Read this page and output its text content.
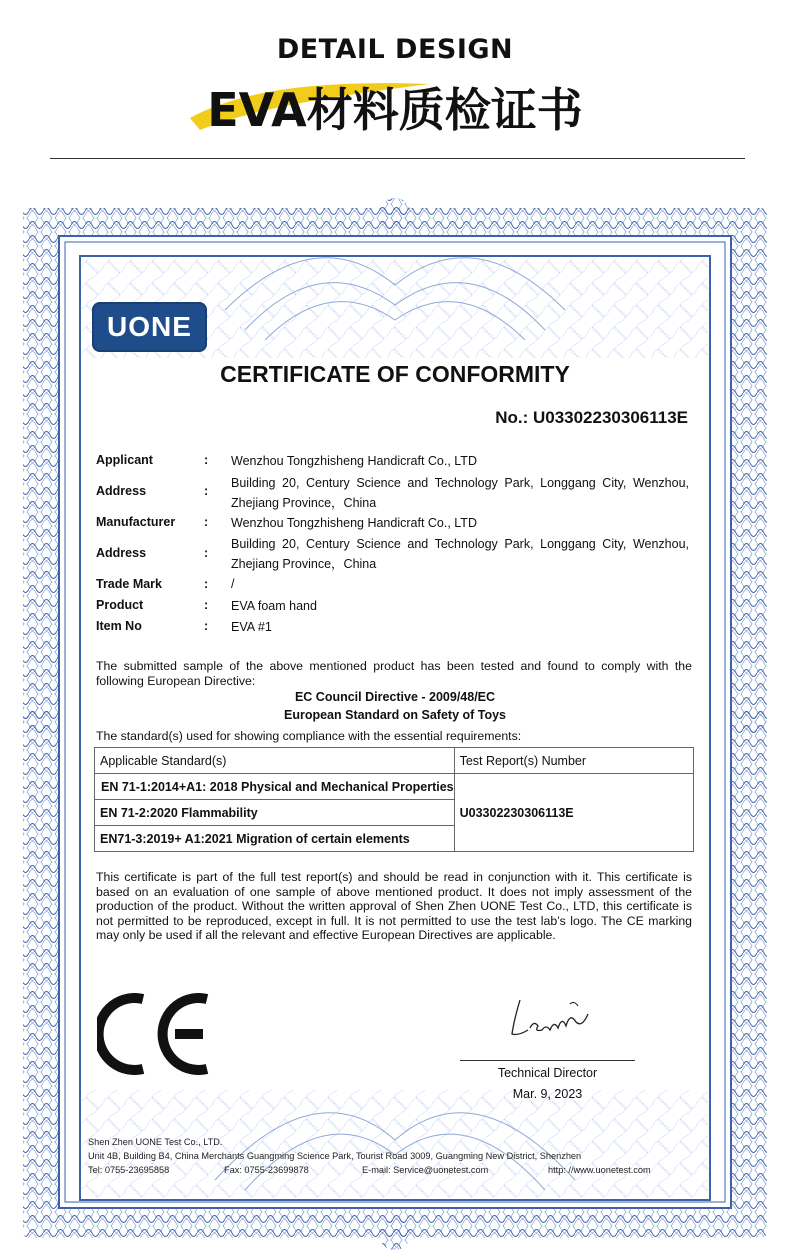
DETAIL DESIGN
EVA材料质检证书
UONE
CERTIFICATE OF CONFORMITY
No.: U03302230306113E
Applicant	: Wenzhou Tongzhisheng Handicraft Co., LTD
Address	:
Building 20, Century Science and Technology Park, Longgang City, Wenzhou, Zhejiang Province，China
Manufacturer : Wenzhou Tongzhisheng Handicraft Co., LTD
Address	:
Building 20, Century Science and Technology Park, Longgang City, Wenzhou, Zhejiang Province，China
Trade Mark	: /
Product	: EVA foam hand
Item No	: EVA #1
The submitted sample of the above mentioned product has been tested and found to comply with the following European Directive:
EC Council Directive - 2009/48/EC
European Standard on Safety of Toys
The standard(s) used for showing compliance with the essential requirements:
Applicable Standard(s)	Test Report(s) Number
EN 71-1:2014+A1: 2018 Physical and Mechanical Properties	U03302230306113E
EN 71-2:2020 Flammability	
EN71-3:2019+ A1:2021 Migration of certain elements	
This certificate is part of the full test report(s) and should be read in conjunction with it. This certificate is based on an evaluation of one sample of above mentioned product. It does not imply assessment of the production of the product. Without the written approval of Shen Zhen UONE Test Co., LTD, this certificate is not permitted to be reproduced, except in full. It is not permitted to use the test lab’s logo. The CE marking may only be used if all the relevant and effective European Directives are applicable.
Technical Director
Mar. 9, 2023
Shen Zhen UONE Test Co., LTD.
Unit 4B, Building B4, China Merchants Guangming Science Park, Tourist Road 3009, Guangming New District, Shenzhen
Tel: 0755-23695858	Fax: 0755-23699878	E-mail: Service@uonetest.com	http: //www.uonetest.com
